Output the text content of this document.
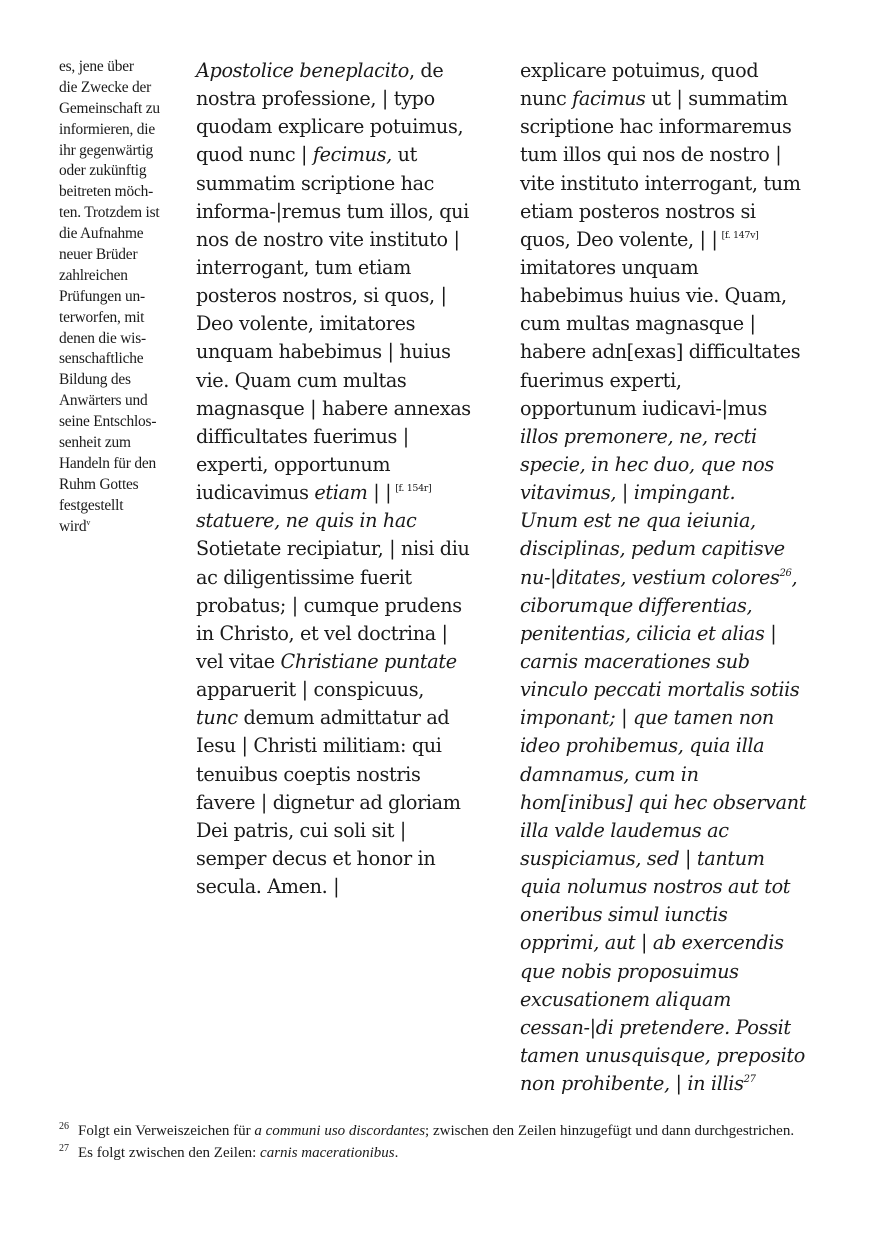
es, jene über
die Zwecke der
Gemeinschaft zu
informieren, die
ihr gegenwärtig
oder zukünftig
beitreten möch-
ten. Trotzdem ist
die Aufnahme
neuer Brüder
zahlreichen
Prüfungen un-
terworfen, mit
denen die wis-
senschaftliche
Bildung des
Anwärters und
seine Entschlos-
senheit zum
Handeln für den
Ruhm Gottes
festgestellt
wird$^v$
Apostolice beneplacito, de
nostra professione, | typo
quodam explicare potuimus,
quod nunc | fecimus, ut
summatim scriptione hac
informa-|remus tum illos, qui
nos de nostro vite instituto |
interrogant, tum etiam
posteros nostros, si quos, |
Deo volente, imitatores
unquam habebimus | huius
vie. Quam cum multas
magnasque | habere annexas
difficultates fuerimus |
experti, opportunum
iudicavimus etiam | | [f. 154r]
statuere, ne quis in hac
Sotietate recipiatur, | nisi diu
ac diligentissime fuerit
probatus; | cumque prudens
in Christo, et vel doctrina |
vel vitae Christiane puntate
apparuerit | conspicuus,
tunc demum admittatur ad
Iesu | Christi militiam: qui
tenuibus coeptis nostris
favere | dignetur ad gloriam
Dei patris, cui soli sit |
semper decus et honor in
secula. Amen. |
explicare potuimus, quod
nunc facimus ut | summatim
scriptione hac informaremus
tum illos qui nos de nostro |
vite instituto interrogant, tum
etiam posteros nostros si
quos, Deo volente, | | [f. 147v]
imitatores unquam
habebimus huius vie. Quam,
cum multas magnasque |
habere adn[exas] difficultates
fuerimus experti,
opportunum iudicavi-|mus
illos premonere, ne, recti
specie, in hec duo, que nos
vitavimus, | impingant.
Unum est ne qua ieiunia,
disciplinas, pedum capitisve
nu-|ditates, vestium colores$^{26}$,
ciborumque differentias,
penitentias, cilicia et alias |
carnis macerationes sub
vinculo peccati mortalis sotiis
imponant; | que tamen non
ideo prohibemus, quia illa
damnamus, cum in
hom[inibus] qui hec observant
illa valde laudemus ac
suspiciamus, sed | tantum
quia nolumus nostros aut tot
oneribus simul iunctis
opprimi, aut | ab exercendis
que nobis proposuimus
excusationem aliquam
cessan-|di pretendere. Possit
tamen unusquisque, preposito
non prohibente, | in illis$^{27}$
26 Folgt ein Verweiszeichen für a communi uso discordantes; zwischen den Zeilen hinzugefügt und dann durchgestrichen.
27 Es folgt zwischen den Zeilen: carnis macerationibus.
